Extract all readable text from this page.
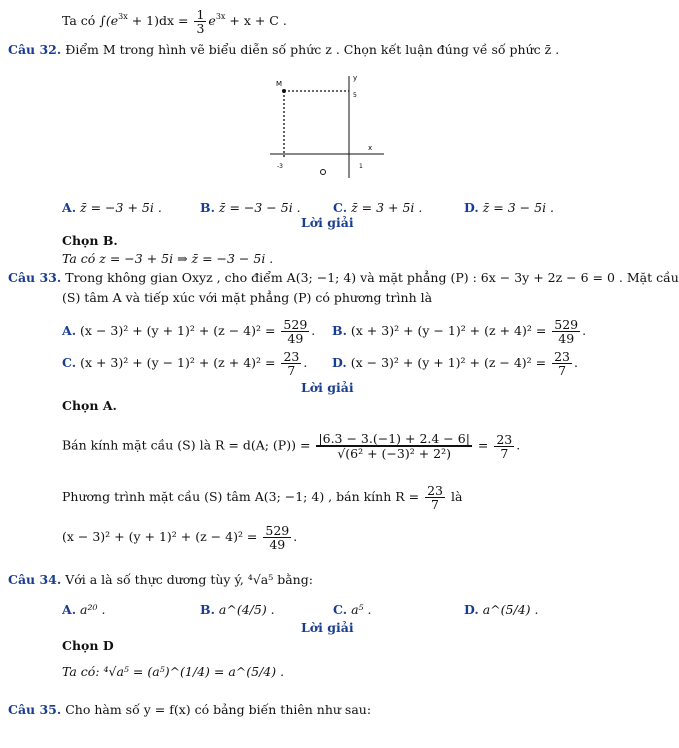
Ta có $\int(e^{3x} + 1)dx = \frac{1}{3} e^{3x} + x + C$ .
Câu 32. Điểm M trong hình vẽ biểu diễn số phức z . Chọn kết luận đúng về số phức z̄ .
M
y
x
5
-3	1
A. z̄ = −3 + 5i .	B. z̄ = −3 − 5i .	C. z̄ = 3 + 5i .	D. z̄ = 3 − 5i .
Lời giải
Chọn B.
Ta có z = −3 + 5i ⇒ z̄ = −3 − 5i .
Câu 33. Trong không gian Oxyz , cho điểm A(3; −1; 4) và mặt phẳng (P) : 6x − 3y + 2z − 6 = 0 . Mặt cầu
(S) tâm A và tiếp xúc với mặt phẳng (P) có phương trình là
A. $(x - 3)^2 + (y + 1)^2 + (z - 4)^2 = \frac{529}{49}$ . B. $(x + 3)^2 + (y - 1)^2 + (z + 4)^2 = \frac{529}{49}$ .
C. $(x + 3)^2 + (y - 1)^2 + (z + 4)^2 = \frac{23}{7}$ . D. $(x - 3)^2 + (y + 1)^2 + (z - 4)^2 = \frac{23}{7}$ .
Lời giải
Chọn A.
Bán kính mặt cầu (S) là R = d(A; $(P)) = \frac{|6.3 - 3.(-1) + 2.4 - 6|}{\text{√(6² + (−3)² + 2²)}} = \frac{23}{7}$ .
Phương trình mặt cầu (S) tâm A(3; −1; 4) , bán kính $R = \frac{23}{7}$ là
$(x - 3)^2 + (y + 1)^2 + (z - 4)^2 = \frac{529}{49}$ .
Câu 34. Với a là số thực dương tùy ý, ⁴√a⁵ bằng:
A. a²⁰ .	B. a^(4/5) .	C. a⁵ .	D. a^(5/4) .
Lời giải
Chọn D
Ta có: ⁴√a⁵ = (a⁵)^(1/4) = a^(5/4) .
Câu 35. Cho hàm số y = f(x) có bảng biến thiên như sau:
